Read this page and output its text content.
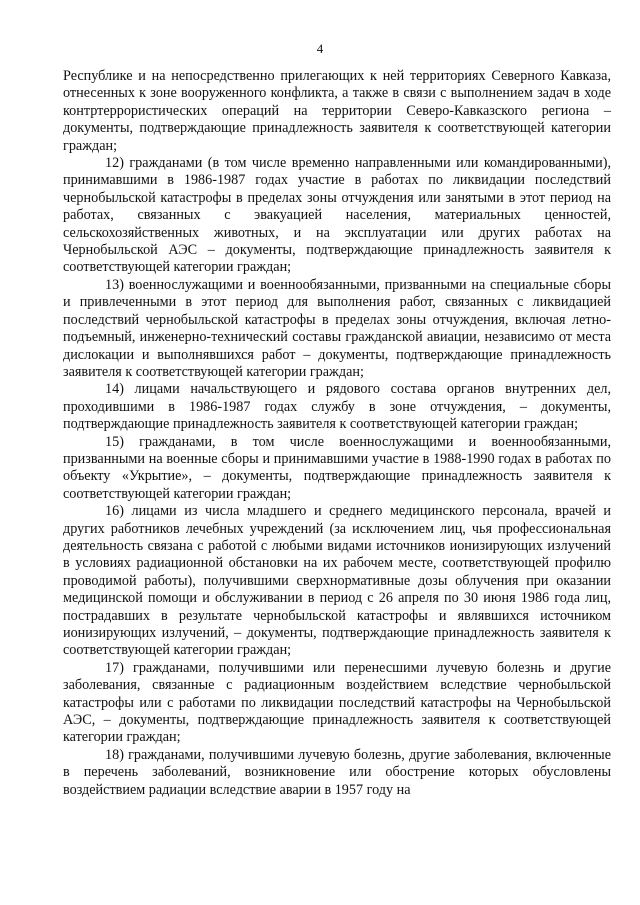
4

Республике и на непосредственно прилегающих к ней территориях Северного Кавказа, отнесенных к зоне вооруженного конфликта, а также в связи с выполнением задач в ходе контртеррористических операций на территории Северо-Кавказского региона – документы, подтверждающие принадлежность заявителя к соответствующей категории граждан;

12) гражданами (в том числе временно направленными или командированными), принимавшими в 1986-1987 годах участие в работах по ликвидации последствий чернобыльской катастрофы в пределах зоны отчуждения или занятыми в этот период на работах, связанных с эвакуацией населения, материальных ценностей, сельскохозяйственных животных, и на эксплуатации или других работах на Чернобыльской АЭС – документы, подтверждающие принадлежность заявителя к соответствующей категории граждан;

13) военнослужащими и военнообязанными, призванными на специальные сборы и привлеченными в этот период для выполнения работ, связанных с ликвидацией последствий чернобыльской катастрофы в пределах зоны отчуждения, включая летно-подъемный, инженерно-технический составы гражданской авиации, независимо от места дислокации и выполнявшихся работ – документы, подтверждающие принадлежность заявителя к соответствующей категории граждан;

14) лицами начальствующего и рядового состава органов внутренних дел, проходившими в 1986-1987 годах службу в зоне отчуждения, – документы, подтверждающие принадлежность заявителя к соответствующей категории граждан;

15) гражданами, в том числе военнослужащими и военнообязанными, призванными на военные сборы и принимавшими участие в 1988-1990 годах в работах по объекту «Укрытие», – документы, подтверждающие принадлежность заявителя к соответствующей категории граждан;

16) лицами из числа младшего и среднего медицинского персонала, врачей и других работников лечебных учреждений (за исключением лиц, чья профессиональная деятельность связана с работой с любыми видами источников ионизирующих излучений в условиях радиационной обстановки на их рабочем месте, соответствующей профилю проводимой работы), получившими сверхнормативные дозы облучения при оказании медицинской помощи и обслуживании в период с 26 апреля по 30 июня 1986 года лиц, пострадавших в результате чернобыльской катастрофы и являвшихся источником ионизирующих излучений, – документы, подтверждающие принадлежность заявителя к соответствующей категории граждан;

17) гражданами, получившими или перенесшими лучевую болезнь и другие заболевания, связанные с радиационным воздействием вследствие чернобыльской катастрофы или с работами по ликвидации последствий катастрофы на Чернобыльской АЭС, – документы, подтверждающие принадлежность заявителя к соответствующей категории граждан;

18) гражданами, получившими лучевую болезнь, другие заболевания, включенные в перечень заболеваний, возникновение или обострение которых обусловлены воздействием радиации вследствие аварии в 1957 году на
